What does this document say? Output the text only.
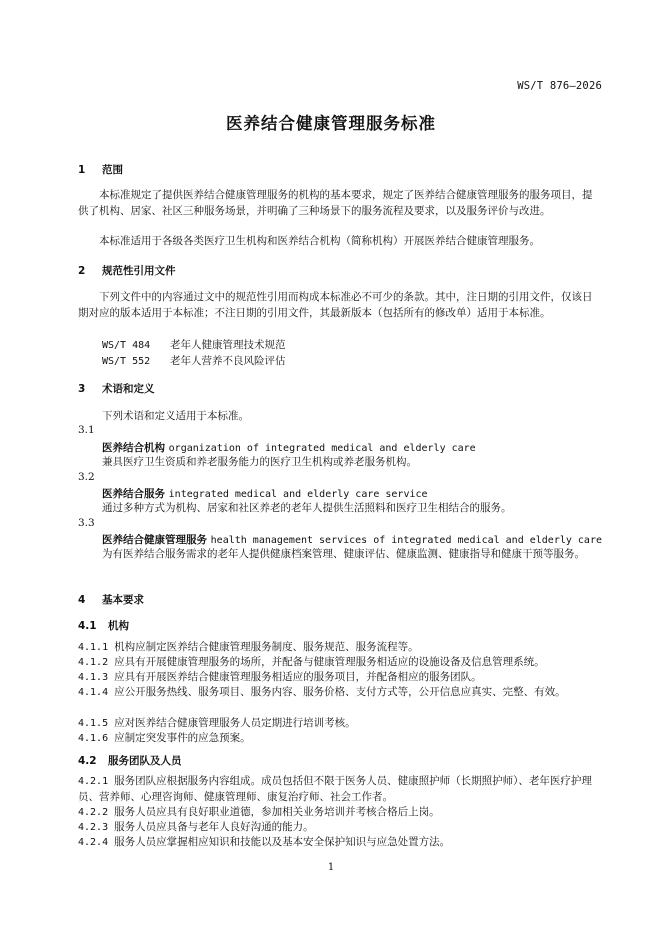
WS/T 876—2026
医养结合健康管理服务标准
1 范围
本标准规定了提供医养结合健康管理服务的机构的基本要求，规定了医养结合健康管理服务的服务项目，提供了机构、居家、社区三种服务场景，并明确了三种场景下的服务流程及要求，以及服务评价与改进。
本标准适用于各级各类医疗卫生机构和医养结合机构（简称机构）开展医养结合健康管理服务。
2 规范性引用文件
下列文件中的内容通过文中的规范性引用而构成本标准必不可少的条款。其中，注日期的引用文件，仅该日期对应的版本适用于本标准；不注日期的引用文件，其最新版本（包括所有的修改单）适用于本标准。
WS/T 484 老年人健康管理技术规范
WS/T 552 老年人营养不良风险评估
3 术语和定义
下列术语和定义适用于本标准。
3.1
医养结合机构 organization of integrated medical and elderly care
兼具医疗卫生资质和养老服务能力的医疗卫生机构或养老服务机构。
3.2
医养结合服务 integrated medical and elderly care service
通过多种方式为机构、居家和社区养老的老年人提供生活照料和医疗卫生相结合的服务。
3.3
医养结合健康管理服务 health management services of integrated medical and elderly care
为有医养结合服务需求的老年人提供健康档案管理、健康评估、健康监测、健康指导和健康干预等服务。
4 基本要求
4.1 机构
4.1.1 机构应制定医养结合健康管理服务制度、服务规范、服务流程等。
4.1.2 应具有开展健康管理服务的场所，并配备与健康管理服务相适应的设施设备及信息管理系统。
4.1.3 应具有开展医养结合健康管理服务相适应的服务项目，并配备相应的服务团队。
4.1.4 应公开服务热线、服务项目、服务内容、服务价格、支付方式等，公开信息应真实、完整、有效。
4.1.5 应对医养结合健康管理服务人员定期进行培训考核。
4.1.6 应制定突发事件的应急预案。
4.2 服务团队及人员
4.2.1 服务团队应根据服务内容组成。成员包括但不限于医务人员、健康照护师（长期照护师）、老年医疗护理员、营养师、心理咨询师、健康管理师、康复治疗师、社会工作者。
4.2.2 服务人员应具有良好职业道德，参加相关业务培训并考核合格后上岗。
4.2.3 服务人员应具备与老年人良好沟通的能力。
4.2.4 服务人员应掌握相应知识和技能以及基本安全保护知识与应急处置方法。
1
